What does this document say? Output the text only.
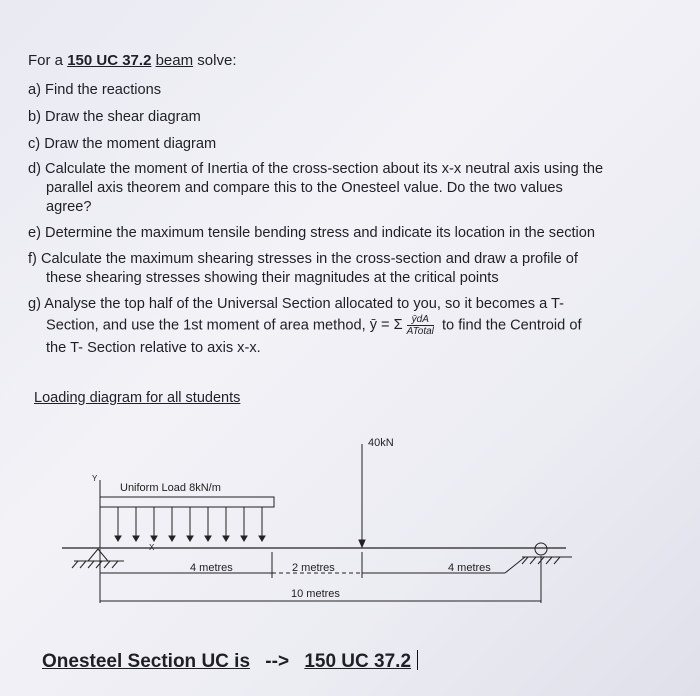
For a 150 UC 37.2 beam solve:
a) Find the reactions
b) Draw the shear diagram
c) Draw the moment diagram
d) Calculate the moment of Inertia of the cross-section about its x-x neutral axis using the
parallel axis theorem and compare this to the Onesteel value. Do the two values
agree?
e) Determine the maximum tensile bending stress and indicate its location in the section
f) Calculate the maximum shearing stresses in the cross-section and draw a profile of
these shearing stresses showing their magnitudes at the critical points
g) Analyse the top half of the Universal Section allocated to you, so it becomes a T-
Section, and use the 1st moment of area method, ȳ = Σ $\frac{\text{ȳdA}}{\text{ATotal}}$ to find the Centroid of
the T- Section relative to axis x-x.
Loading diagram for all students
40kN
Uniform Load 8kN/m
Y
X
4 metres	2 metres	4 metres
10 metres
Onesteel Section UC is --> 150 UC 37.2
